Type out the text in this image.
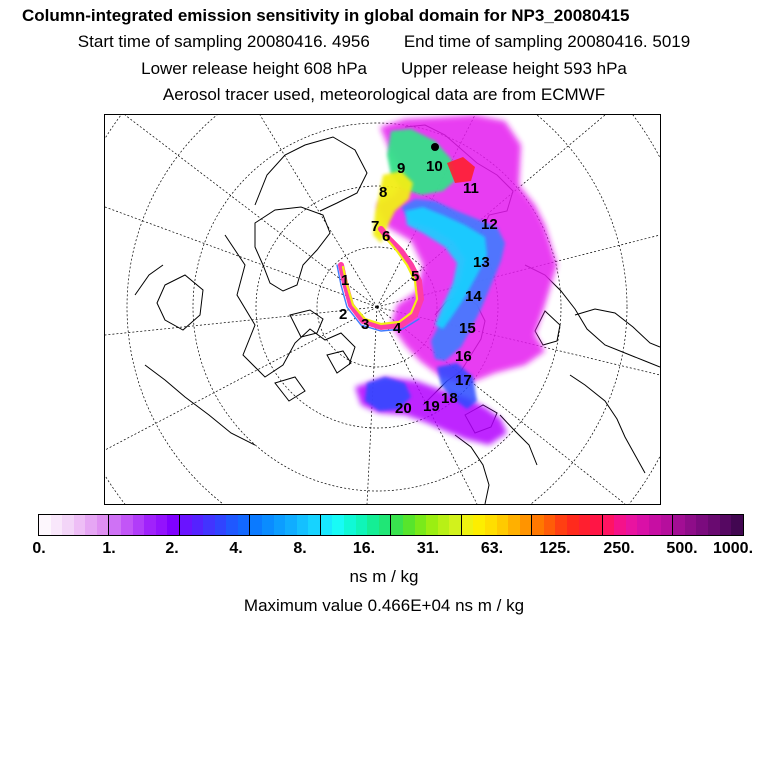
Column-integrated emission sensitivity in global domain for NP3_20080415
Start time of sampling 20080416. 4956 End time of sampling 20080416. 5019
Lower release height 608 hPa Upper release height 593 hPa
Aerosol tracer used, meteorological data are from ECMWF
1
2
3 4
5
6
7
8
9 10
11
12
13
14
15
16
17
18
19
20
0.	1.	2.	4.	8.	16.	31.	63. 125. 250. 500. 1000.
ns m / kg
Maximum value 0.466E+04 ns m / kg
